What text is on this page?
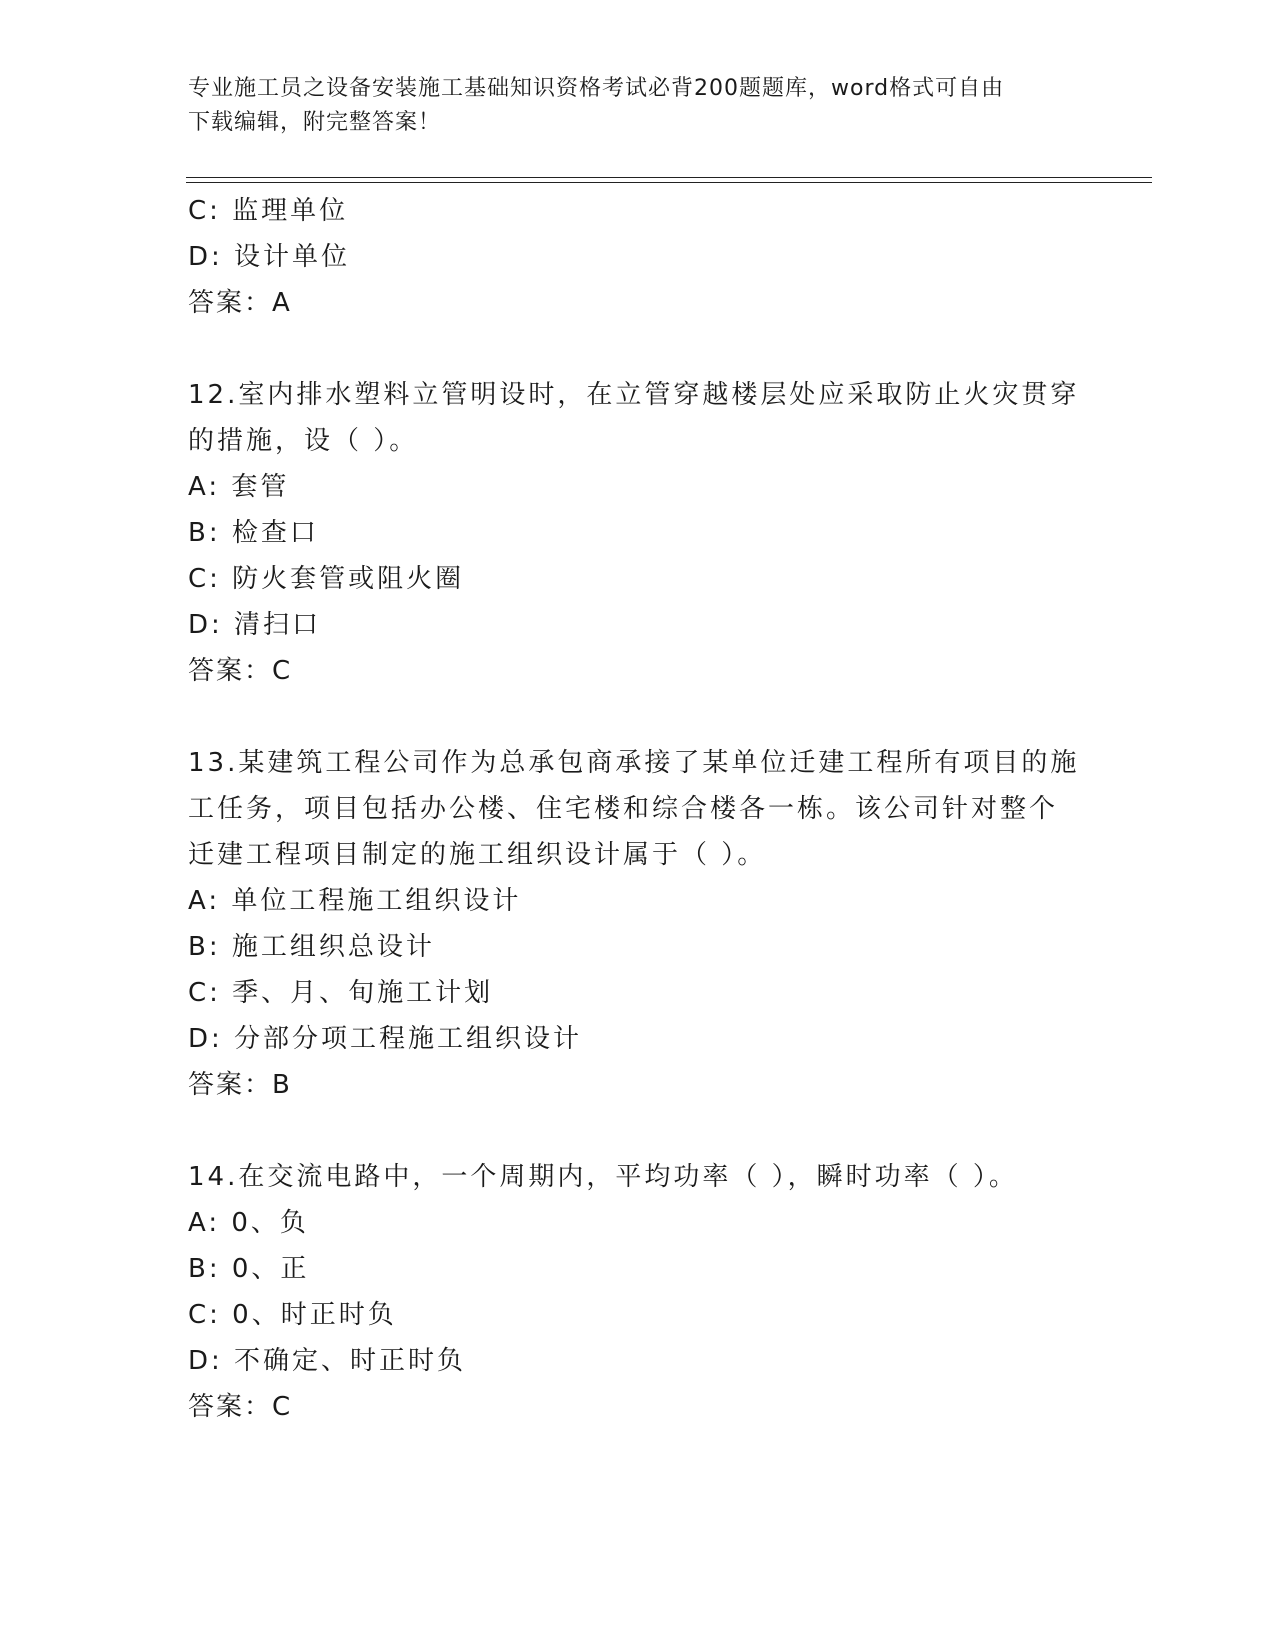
专业施工员之设备安装施工基础知识资格考试必背200题题库，word格式可自由
下载编辑，附完整答案！
C: 监理单位
D: 设计单位
答案：A
12.室内排水塑料立管明设时，在立管穿越楼层处应采取防止火灾贯穿
的措施，设（ ）。
A: 套管
B: 检查口
C: 防火套管或阻火圈
D: 清扫口
答案：C
13.某建筑工程公司作为总承包商承接了某单位迁建工程所有项目的施
工任务，项目包括办公楼、住宅楼和综合楼各一栋。该公司针对整个
迁建工程项目制定的施工组织设计属于（ ）。
A: 单位工程施工组织设计
B: 施工组织总设计
C: 季、月、旬施工计划
D: 分部分项工程施工组织设计
答案：B
14.在交流电路中，一个周期内，平均功率（ ），瞬时功率（ ）。
A: 0、负
B: 0、正
C: 0、时正时负
D: 不确定、时正时负
答案：C
